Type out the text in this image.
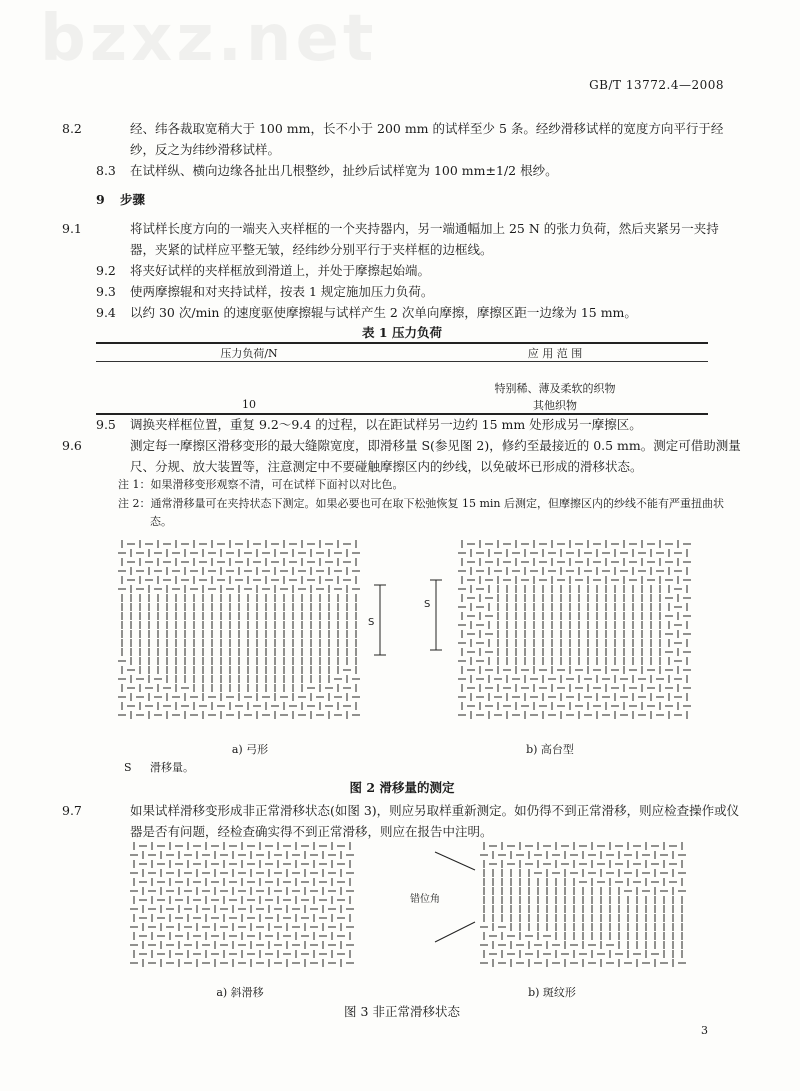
bzxz.net
GB/T 13772.4—2008
8.2	经、纬各裁取宽稍大于 100 mm，长不小于 200 mm 的试样至少 5 条。经纱滑移试样的宽度方向平行于经纱，反之为纬纱滑移试样。
8.3 在试样纵、横向边缘各扯出几根整纱，扯纱后试样宽为 100 mm±1/2 根纱。
9 步骤
9.1	将试样长度方向的一端夹入夹样框的一个夹持器内，另一端通幅加上 25 N 的张力负荷，然后夹紧另一夹持器，夹紧的试样应平整无皱，经纬纱分别平行于夹样框的边框线。
9.2 将夹好试样的夹样框放到滑道上，并处于摩擦起始端。
9.3 使两摩擦辊和对夹持试样，按表 1 规定施加压力负荷。
9.4 以约 30 次/min 的速度驱使摩擦辊与试样产生 2 次单向摩擦，摩擦区距一边缘为 15 mm。
表 1 压力负荷
压力负荷/N	应 用 范 围

	特别稀、薄及柔软的织物
10	其他织物
9.5 调换夹样框位置，重复 9.2～9.4 的过程，以在距试样另一边约 15 mm 处形成另一摩擦区。
9.6	测定每一摩擦区滑移变形的最大缝隙宽度，即滑移量 S(参见图 2)，修约至最接近的 0.5 mm。测定可借助测量尺、分规、放大装置等，注意测定中不要碰触摩擦区内的纱线，以免破坏已形成的滑移状态。
注 1：如果滑移变形观察不清，可在试样下面衬以对比色。
注 2：通常滑移量可在夹持状态下测定。如果必要也可在取下松弛恢复 15 min 后测定，但摩擦区内的纱线不能有严重扭曲状态。
S
S
a) 弓形	b) 高台型
S 滑移量。
图 2 滑移量的测定
9.7	如果试样滑移变形成非正常滑移状态(如图 3)，则应另取样重新测定。如仍得不到正常滑移，则应检查操作或仪器是否有问题，经检查确实得不到正常滑移，则应在报告中注明。
错位角
a) 斜滑移	b) 斑纹形
图 3 非正常滑移状态
3
